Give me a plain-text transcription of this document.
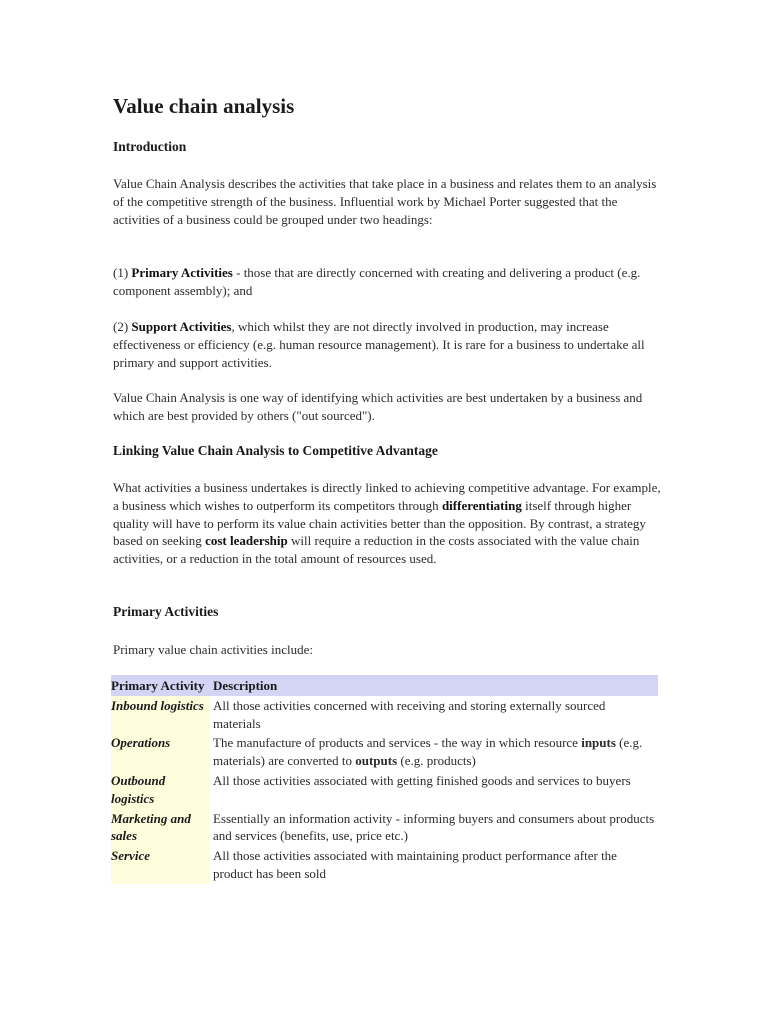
Value chain analysis
Introduction

Value Chain Analysis describes the activities that take place in a business and relates them to an analysis of the competitive strength of the business. Influential work by Michael Porter suggested that the activities of a business could be grouped under two headings:

(1) Primary Activities - those that are directly concerned with creating and delivering a product (e.g. component assembly); and

(2) Support Activities, which whilst they are not directly involved in production, may increase effectiveness or efficiency (e.g. human resource management). It is rare for a business to undertake all primary and support activities.

Value Chain Analysis is one way of identifying which activities are best undertaken by a business and which are best provided by others ("out sourced").

Linking Value Chain Analysis to Competitive Advantage

What activities a business undertakes is directly linked to achieving competitive advantage. For example, a business which wishes to outperform its competitors through differentiating itself through higher quality will have to perform its value chain activities better than the opposition. By contrast, a strategy based on seeking cost leadership will require a reduction in the costs associated with the value chain activities, or a reduction in the total amount of resources used.

Primary Activities

Primary value chain activities include:

Primary Activity	Description
Inbound logistics	All those activities concerned with receiving and storing externally sourced materials
Operations	The manufacture of products and services - the way in which resource inputs (e.g. materials) are converted to outputs (e.g. products)
Outbound logistics	All those activities associated with getting finished goods and services to buyers
Marketing and sales	Essentially an information activity - informing buyers and consumers about products and services (benefits, use, price etc.)
Service	All those activities associated with maintaining product performance after the product has been sold
